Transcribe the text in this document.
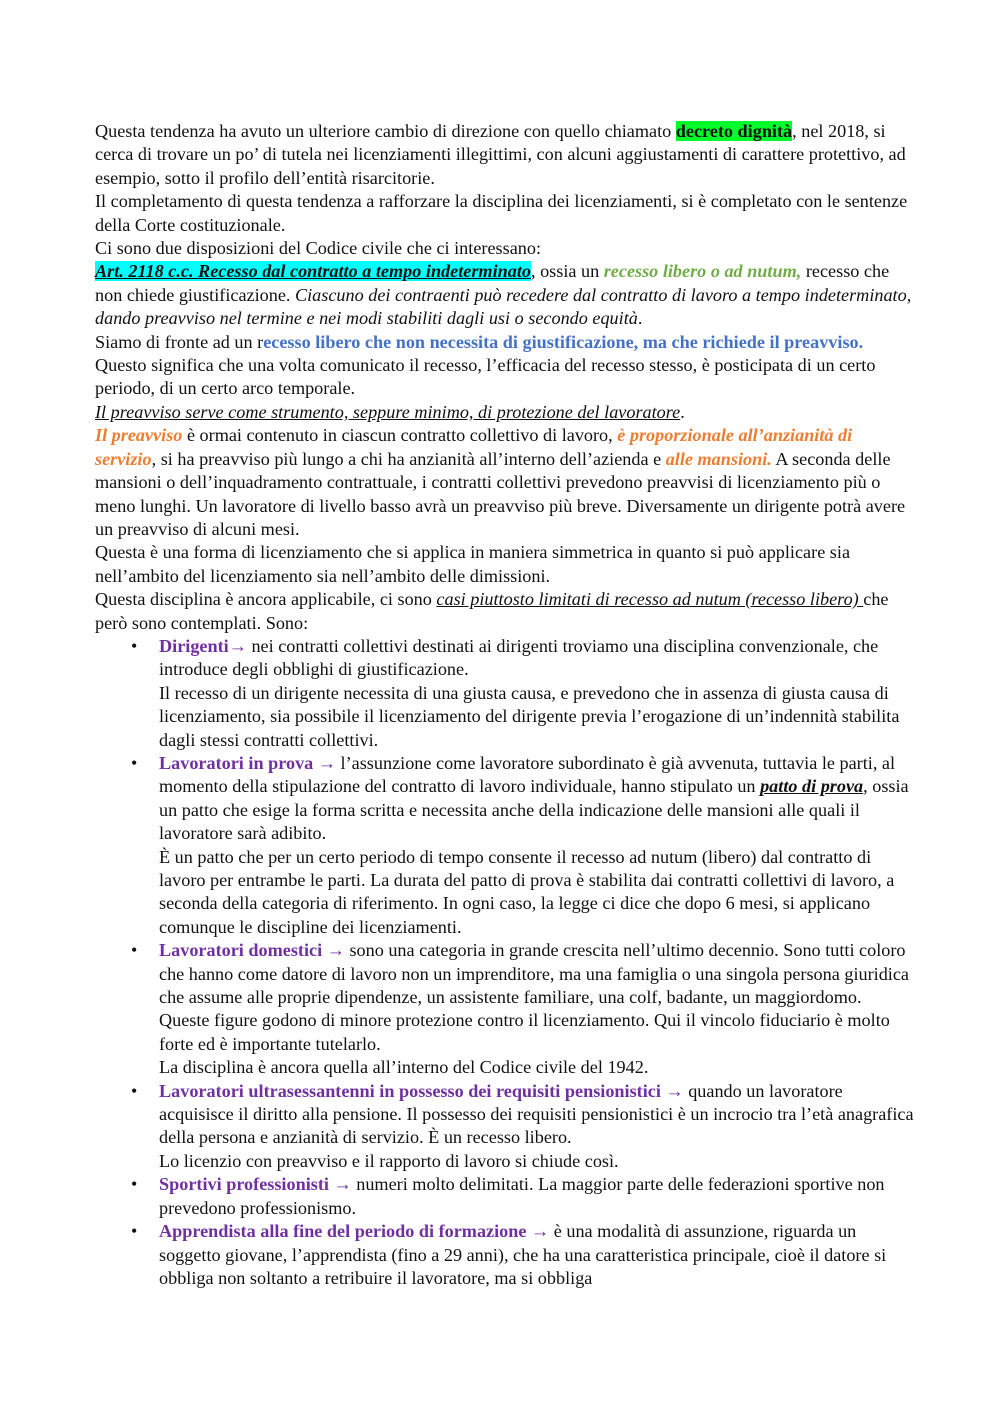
Questa tendenza ha avuto un ulteriore cambio di direzione con quello chiamato decreto dignità, nel 2018, si cerca di trovare un po’ di tutela nei licenziamenti illegittimi, con alcuni aggiustamenti di carattere protettivo, ad esempio, sotto il profilo dell’entità risarcitorie.

Il completamento di questa tendenza a rafforzare la disciplina dei licenziamenti, si è completato con le sentenze della Corte costituzionale.

Ci sono due disposizioni del Codice civile che ci interessano:

Art. 2118 c.c. Recesso dal contratto a tempo indeterminato, ossia un recesso libero o ad nutum, recesso che non chiede giustificazione. Ciascuno dei contraenti può recedere dal contratto di lavoro a tempo indeterminato, dando preavviso nel termine e nei modi stabiliti dagli usi o secondo equità.

Siamo di fronte ad un recesso libero che non necessita di giustificazione, ma che richiede il preavviso. Questo significa che una volta comunicato il recesso, l’efficacia del recesso stesso, è posticipata di un certo periodo, di un certo arco temporale.

Il preavviso serve come strumento, seppure minimo, di protezione del lavoratore.

Il preavviso è ormai contenuto in ciascun contratto collettivo di lavoro, è proporzionale all’anzianità di servizio, si ha preavviso più lungo a chi ha anzianità all’interno dell’azienda e alle mansioni. A seconda delle mansioni o dell’inquadramento contrattuale, i contratti collettivi prevedono preavvisi di licenziamento più o meno lunghi. Un lavoratore di livello basso avrà un preavviso più breve. Diversamente un dirigente potrà avere un preavviso di alcuni mesi.

Questa è una forma di licenziamento che si applica in maniera simmetrica in quanto si può applicare sia nell’ambito del licenziamento sia nell’ambito delle dimissioni.

Questa disciplina è ancora applicabile, ci sono casi piuttosto limitati di recesso ad nutum (recesso libero) che però sono contemplati. Sono:

• Dirigenti→ nei contratti collettivi destinati ai dirigenti troviamo una disciplina convenzionale, che introduce degli obblighi di giustificazione.
Il recesso di un dirigente necessita di una giusta causa, e prevedono che in assenza di giusta causa di licenziamento, sia possibile il licenziamento del dirigente previa l’erogazione di un’indennità stabilita dagli stessi contratti collettivi.
• Lavoratori in prova → l’assunzione come lavoratore subordinato è già avvenuta, tuttavia le parti, al momento della stipulazione del contratto di lavoro individuale, hanno stipulato un patto di prova, ossia un patto che esige la forma scritta e necessita anche della indicazione delle mansioni alle quali il lavoratore sarà adibito.
È un patto che per un certo periodo di tempo consente il recesso ad nutum (libero) dal contratto di lavoro per entrambe le parti. La durata del patto di prova è stabilita dai contratti collettivi di lavoro, a seconda della categoria di riferimento. In ogni caso, la legge ci dice che dopo 6 mesi, si applicano comunque le discipline dei licenziamenti.
• Lavoratori domestici → sono una categoria in grande crescita nell’ultimo decennio. Sono tutti coloro che hanno come datore di lavoro non un imprenditore, ma una famiglia o una singola persona giuridica che assume alle proprie dipendenze, un assistente familiare, una colf, badante, un maggiordomo. Queste figure godono di minore protezione contro il licenziamento. Qui il vincolo fiduciario è molto forte ed è importante tutelarlo.
La disciplina è ancora quella all’interno del Codice civile del 1942.
• Lavoratori ultrasessantenni in possesso dei requisiti pensionistici → quando un lavoratore acquisisce il diritto alla pensione. Il possesso dei requisiti pensionistici è un incrocio tra l’età anagrafica della persona e anzianità di servizio. È un recesso libero.
Lo licenzio con preavviso e il rapporto di lavoro si chiude così.
• Sportivi professionisti → numeri molto delimitati. La maggior parte delle federazioni sportive non prevedono professionismo.
• Apprendista alla fine del periodo di formazione → è una modalità di assunzione, riguarda un soggetto giovane, l’apprendista (fino a 29 anni), che ha una caratteristica principale, cioè il datore si obbliga non soltanto a retribuire il lavoratore, ma si obbliga
